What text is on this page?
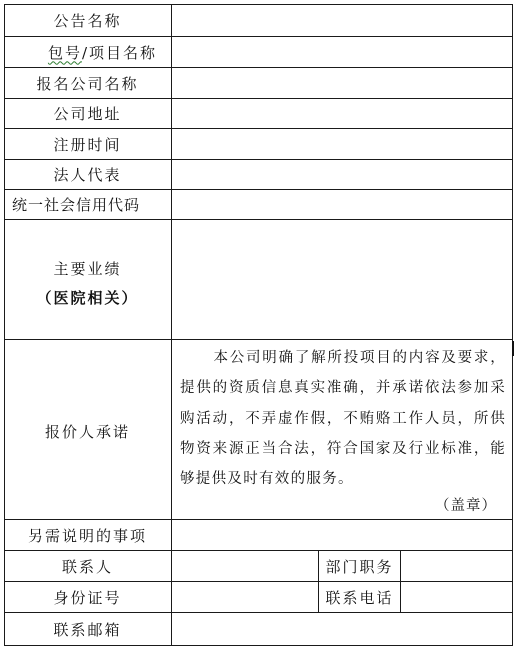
公告名称
包号 /项目名称
报名公司名称
公司地址
注册时间
法人代表
统一社会信用代码
主要业绩
（医院相关）
报价人承诺
另需说明的事项
联系人	部门职务
身份证号	联系电话
联系邮箱
本公司明确了解所投项目的内容及要求，提供的资质信息真实准确，并承诺依法参加采购活动，不弄虚作假，不贿赂工作人员，所供物资来源正当合法，符合国家及行业标准，能够提供及时有效的服务。
（盖章）
